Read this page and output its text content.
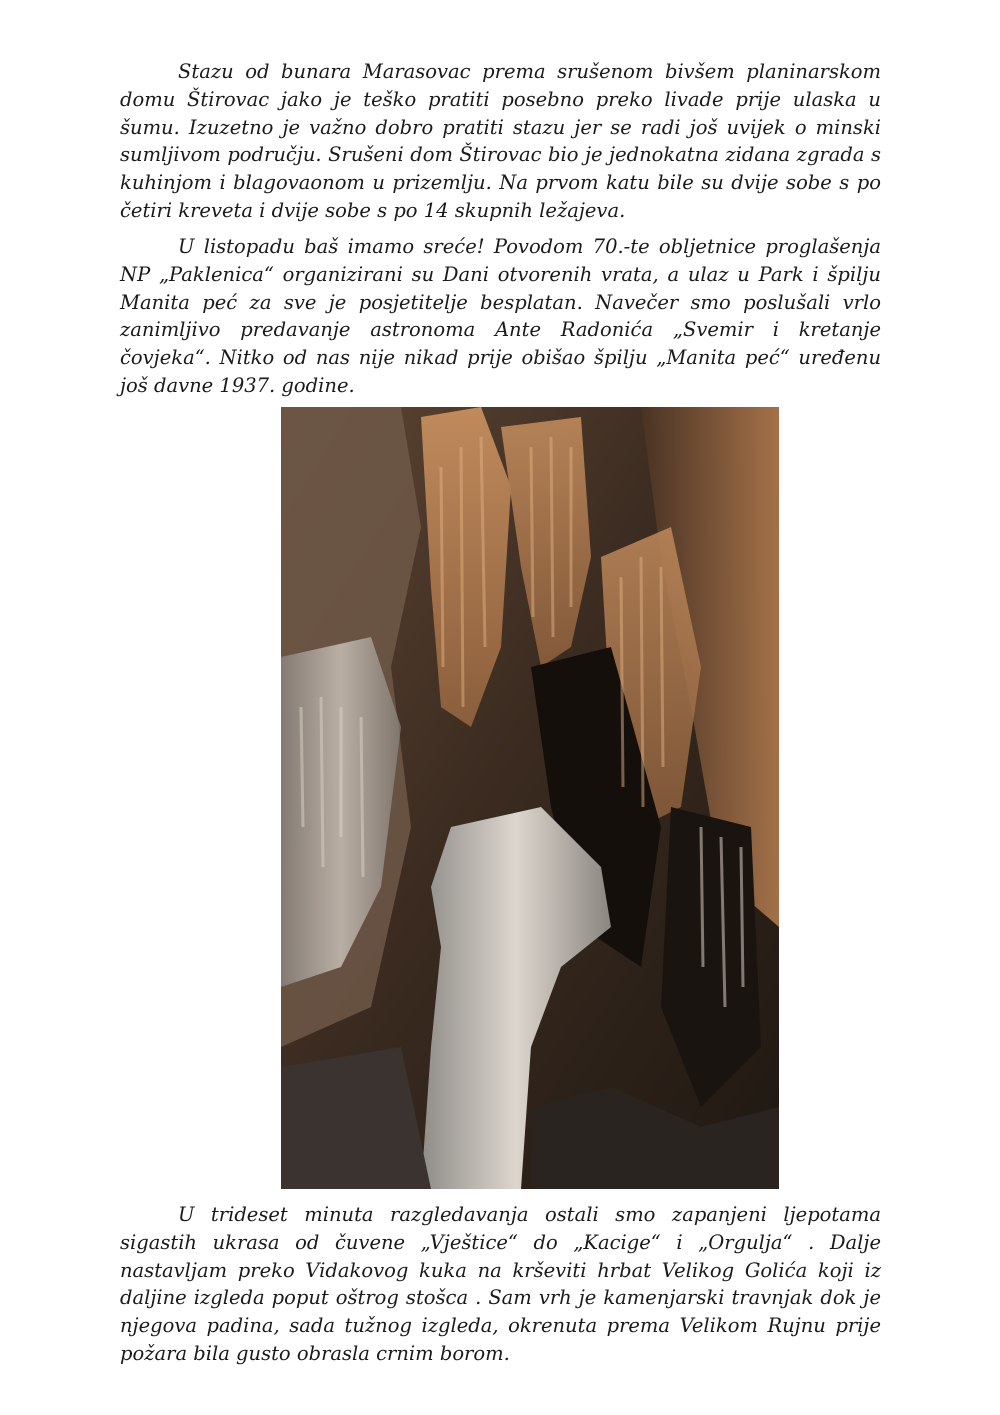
Stazu od bunara Marasovac prema srušenom bivšem planinarskom domu Štirovac jako je teško pratiti posebno preko livade prije ulaska u šumu. Izuzetno je važno dobro pratiti stazu jer se radi još uvijek o minski sumljivom području. Srušeni dom Štirovac bio je jednokatna zidana zgrada s kuhinjom i blagovaonom u prizemlju. Na prvom katu bile su dvije sobe s po četiri kreveta i dvije sobe s po 14 skupnih ležajeva.

U listopadu baš imamo sreće! Povodom 70.-te obljetnice proglašenja NP „Paklenica“ organizirani su Dani otvorenih vrata, a ulaz u Park i špilju Manita peć za sve je posjetitelje besplatan. Navečer smo poslušali vrlo zanimljivo predavanje astronoma Ante Radonića „Svemir i kretanje čovjeka“. Nitko od nas nije nikad prije obišao špilju „Manita peć“ uređenu još davne 1937. godine.

U trideset minuta razgledavanja ostali smo zapanjeni ljepotama sigastih ukrasa od čuvene „Vještice“ do „Kacige“ i „Orgulja“ . Dalje nastavljam preko Vidakovog kuka na krševiti hrbat Velikog Golića koji iz daljine izgleda poput oštrog stošca . Sam vrh je kamenjarski travnjak dok je njegova padina, sada tužnog izgleda, okrenuta prema Velikom Rujnu prije požara bila gusto obrasla crnim borom.
